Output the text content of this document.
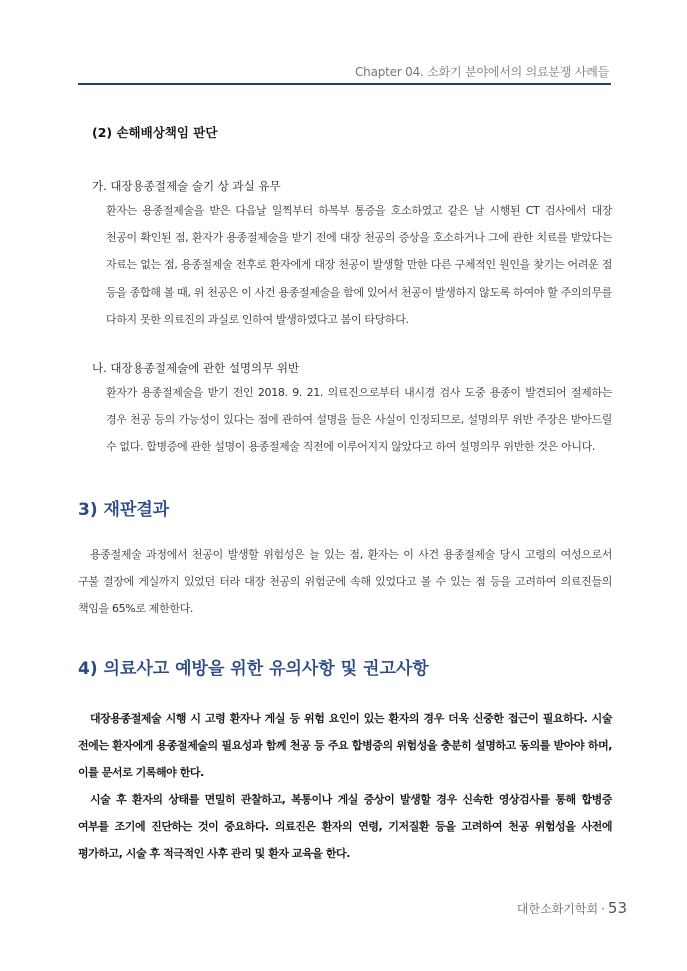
Chapter 04. 소화기 분야에서의 의료분쟁 사례들
(2) 손해배상책임 판단
가. 대장용종절제술 술기 상 과실 유무

환자는 용종절제술을 받은 다음날 일찍부터 하복부 통증을 호소하였고 같은 날 시행된 CT 검사에서 대장 천공이 확인된 점, 환자가 용종절제술을 받기 전에 대장 천공의 증상을 호소하거나 그에 관한 치료를 받았다는 자료는 없는 점, 용종절제술 전후로 환자에게 대장 천공이 발생할 만한 다른 구체적인 원인을 찾기는 어려운 점 등을 종합해 볼 때, 위 천공은 이 사건 용종절제술을 함에 있어서 천공이 발생하지 않도록 하여야 할 주의의무를 다하지 못한 의료진의 과실로 인하여 발생하였다고 봄이 타당하다.

나. 대장용종절제술에 관한 설명의무 위반

환자가 용종절제술을 받기 전인 2018. 9. 21. 의료진으로부터 내시경 검사 도중 용종이 발견되어 절제하는 경우 천공 등의 가능성이 있다는 점에 관하여 설명을 들은 사실이 인정되므로, 설명의무 위반 주장은 받아드릴 수 없다. 합병증에 관한 설명이 용종절제술 직전에 이루어지지 않았다고 하여 설명의무 위반한 것은 아니다.

3) 재판결과

용종절제술 과정에서 천공이 발생할 위험성은 늘 있는 점, 환자는 이 사건 용종절제술 당시 고령의 여성으로서 구불 결장에 게실까지 있었던 터라 대장 천공의 위험군에 속해 있었다고 볼 수 있는 점 등을 고려하여 의료진들의 책임을 65%로 제한한다.

4) 의료사고 예방을 위한 유의사항 및 권고사항

대장용종절제술 시행 시 고령 환자나 게실 등 위험 요인이 있는 환자의 경우 더욱 신중한 접근이 필요하다. 시술 전에는 환자에게 용종절제술의 필요성과 함께 천공 등 주요 합병증의 위험성을 충분히 설명하고 동의를 받아야 하며, 이를 문서로 기록해야 한다.

시술 후 환자의 상태를 면밀히 관찰하고, 복통이나 게실 증상이 발생할 경우 신속한 영상검사를 통해 합병증 여부를 조기에 진단하는 것이 중요하다. 의료진은 환자의 연령, 기저질환 등을 고려하여 천공 위험성을 사전에 평가하고, 시술 후 적극적인 사후 관리 및 환자 교육을 한다.

대한소화기학회 · 53
